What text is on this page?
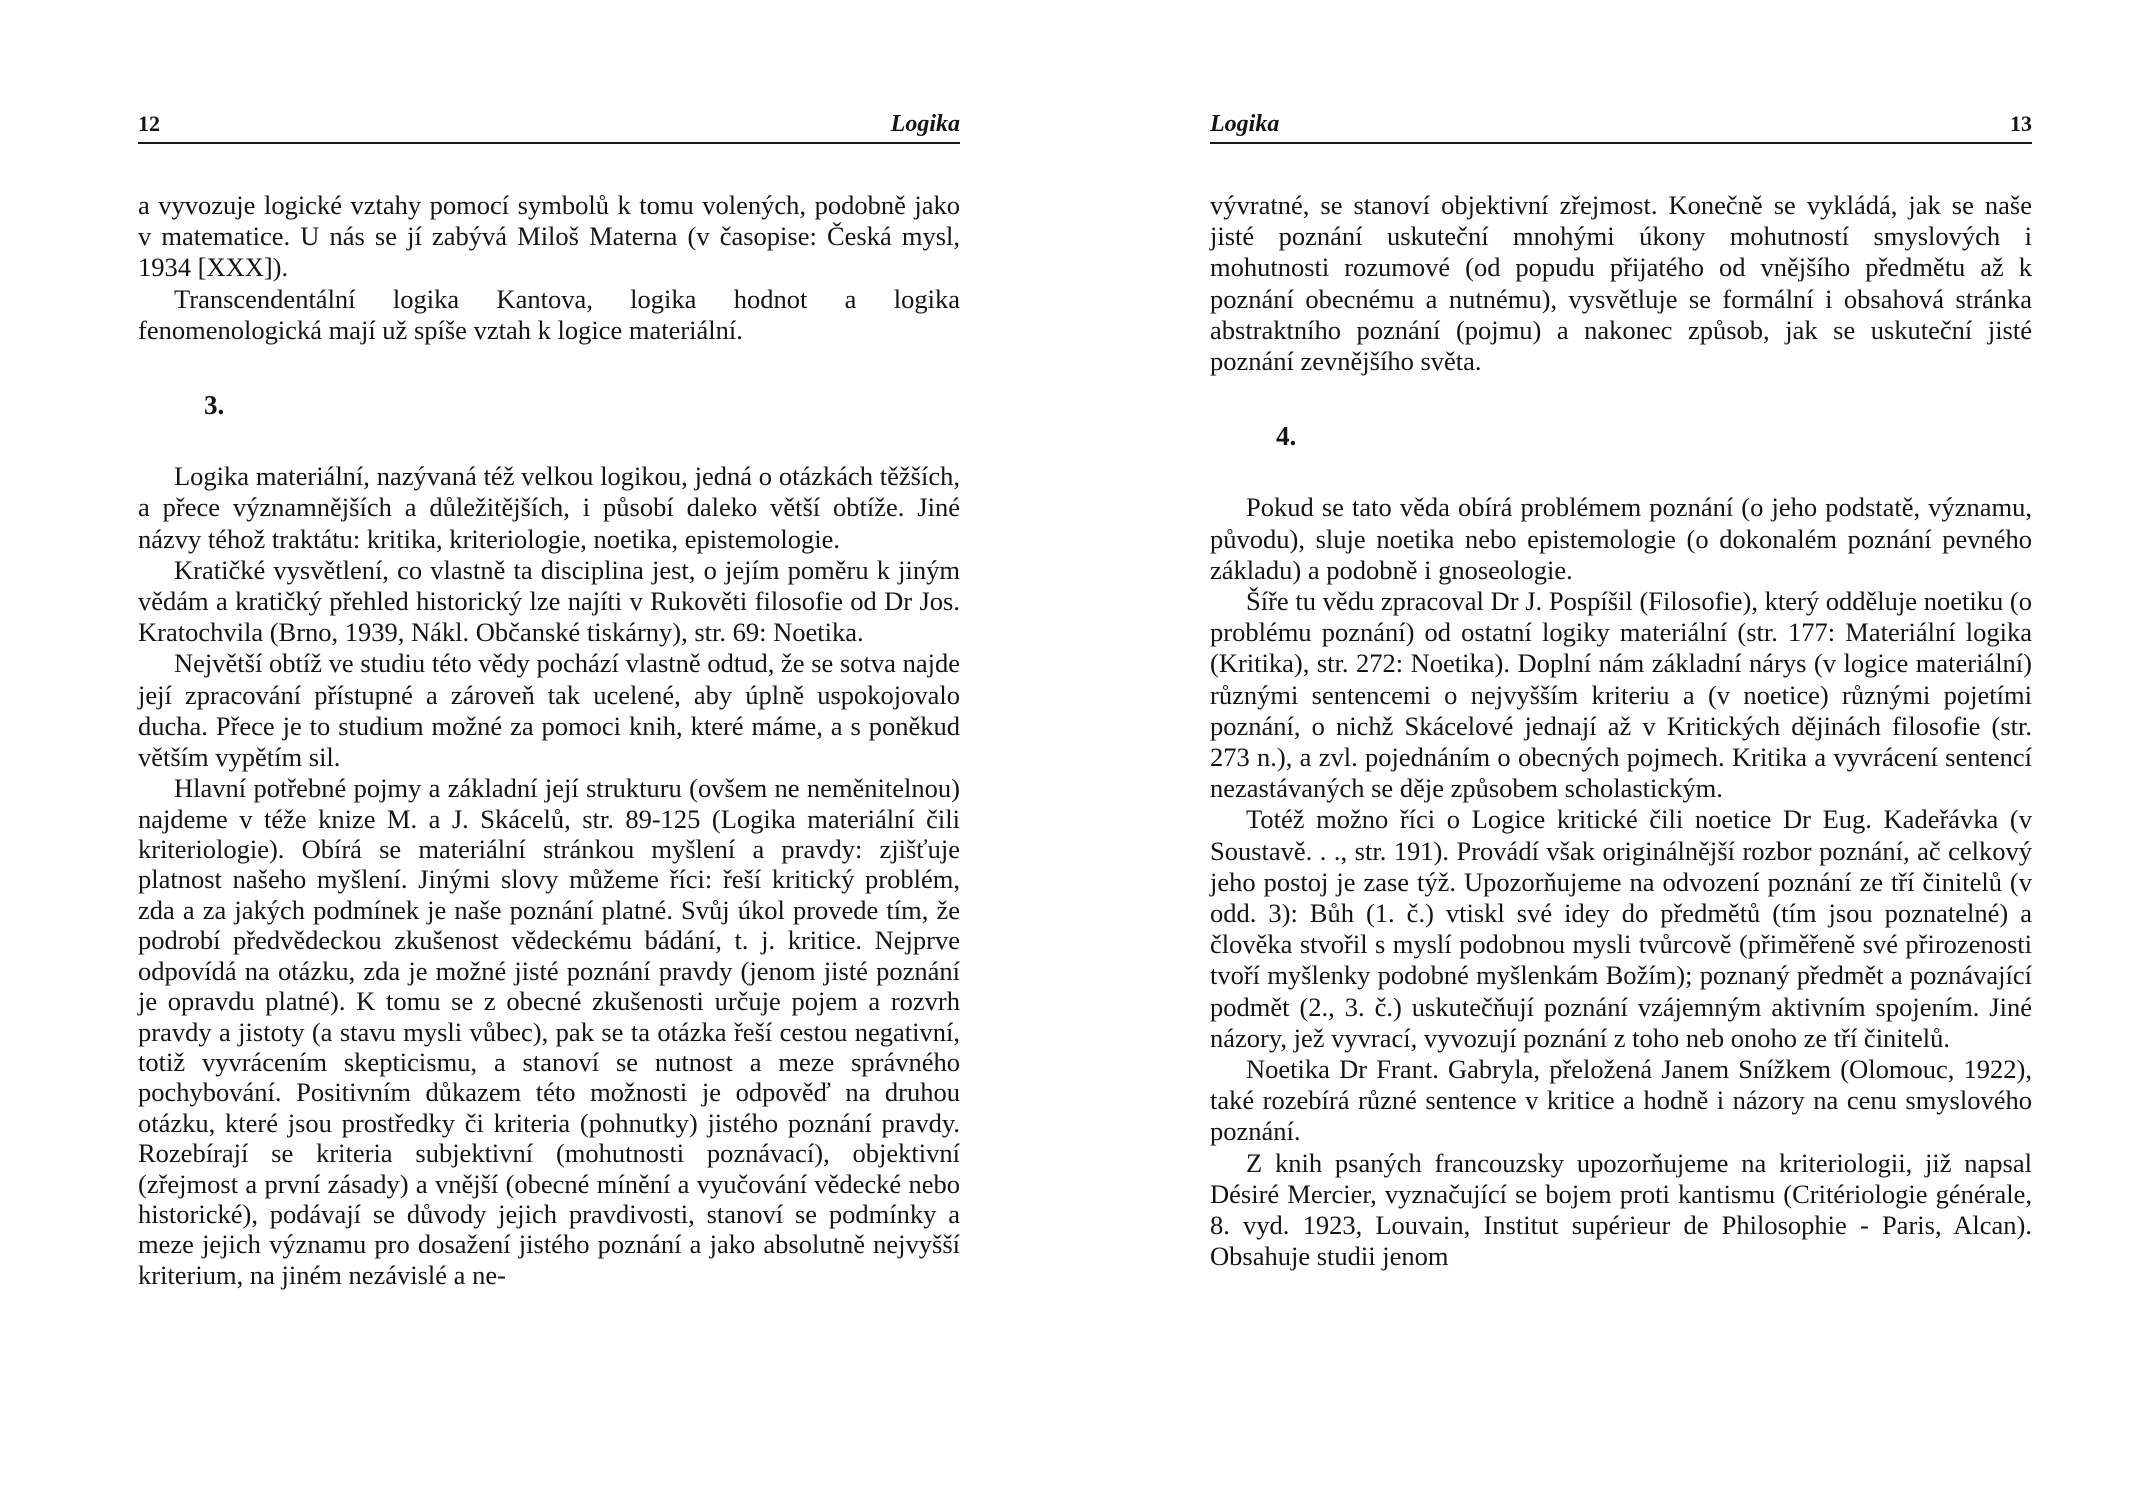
12	Logika

a vyvozuje logické vztahy pomocí symbolů k tomu volených, podobně jako v matematice. U nás se jí zabývá Miloš Materna (v časopise: Česká mysl, 1934 [XXX]).

Transcendentální logika Kantova, logika hodnot a logika fenomenologická mají už spíše vztah k logice materiální.

3.

Logika materiální, nazývaná též velkou logikou, jedná o otázkách těžších, a přece významnějších a důležitějších, i působí daleko větší obtíže. Jiné názvy téhož traktátu: kritika, kriteriologie, noetika, epistemologie.

Kratičké vysvětlení, co vlastně ta disciplina jest, o jejím poměru k jiným vědám a kratičký přehled historický lze najíti v Rukověti filosofie od Dr Jos. Kratochvila (Brno, 1939, Nákl. Občanské tiskárny), str. 69: Noetika.

Největší obtíž ve studiu této vědy pochází vlastně odtud, že se sotva najde její zpracování přístupné a zároveň tak ucelené, aby úplně uspokojovalo ducha. Přece je to studium možné za pomoci knih, které máme, a s poněkud větším vypětím sil.

Hlavní potřebné pojmy a základní její strukturu (ovšem ne neměnitelnou) najdeme v téže knize M. a J. Skácelů, str. 89-125 (Logika materiální čili kriteriologie). Obírá se materiální stránkou myšlení a pravdy: zjišťuje platnost našeho myšlení. Jinými slovy můžeme říci: řeší kritický problém, zda a za jakých podmínek je naše poznání platné. Svůj úkol provede tím, že podrobí předvědeckou zkušenost vědeckému bádání, t. j. kritice. Nejprve odpovídá na otázku, zda je možné jisté poznání pravdy (jenom jisté poznání je opravdu platné). K tomu se z obecné zkušenosti určuje pojem a rozvrh pravdy a jistoty (a stavu mysli vůbec), pak se ta otázka řeší cestou negativní, totiž vyvrácením skepticismu, a stanoví se nutnost a meze správného pochybování. Positivním důkazem této možnosti je odpověď na druhou otázku, které jsou prostředky či kriteria (pohnutky) jistého poznání pravdy. Rozebírají se kriteria subjektivní (mohutnosti poznávací), objektivní (zřejmost a první zásady) a vnější (obecné mínění a vyučování vědecké nebo historické), podávají se důvody jejich pravdivosti, stanoví se podmínky a meze jejich významu pro dosažení jistého poznání a jako absolutně nejvyšší kriterium, na jiném nezávislé a ne-

Logika	13

vývratné, se stanoví objektivní zřejmost. Konečně se vykládá, jak se naše jisté poznání uskuteční mnohými úkony mohutností smyslových i mohutnosti rozumové (od popudu přijatého od vnějšího předmětu až k poznání obecnému a nutnému), vysvětluje se formální i obsahová stránka abstraktního poznání (pojmu) a nakonec způsob, jak se uskuteční jisté poznání zevnějšího světa.

4.

Pokud se tato věda obírá problémem poznání (o jeho podstatě, významu, původu), sluje noetika nebo epistemologie (o dokonalém poznání pevného základu) a podobně i gnoseologie.

Šíře tu vědu zpracoval Dr J. Pospíšil (Filosofie), který odděluje noetiku (o problému poznání) od ostatní logiky materiální (str. 177: Materiální logika (Kritika), str. 272: Noetika). Doplní nám základní nárys (v logice materiální) různými sentencemi o nejvyšším kriteriu a (v noetice) různými pojetími poznání, o nichž Skácelové jednají až v Kritických dějinách filosofie (str. 273 n.), a zvl. pojednáním o obecných pojmech. Kritika a vyvrácení sentencí nezastávaných se děje způsobem scholastickým.

Totéž možno říci o Logice kritické čili noetice Dr Eug. Kadeřávka (v Soustavě. . ., str. 191). Provádí však originálnější rozbor poznání, ač celkový jeho postoj je zase týž. Upozorňujeme na odvození poznání ze tří činitelů (v odd. 3): Bůh (1. č.) vtiskl své idey do předmětů (tím jsou poznatelné) a člověka stvořil s myslí podobnou mysli tvůrcově (přiměřeně své přirozenosti tvoří myšlenky podobné myšlenkám Božím); poznaný předmět a poznávající podmět (2., 3. č.) uskutečňují poznání vzájemným aktivním spojením. Jiné názory, jež vyvrací, vyvozují poznání z toho neb onoho ze tří činitelů.

Noetika Dr Frant. Gabryla, přeložená Janem Snížkem (Olomouc, 1922), také rozebírá různé sentence v kritice a hodně i názory na cenu smyslového poznání.

Z knih psaných francouzsky upozorňujeme na kriteriologii, již napsal Désiré Mercier, vyznačující se bojem proti kantismu (Critériologie générale, 8. vyd. 1923, Louvain, Institut supérieur de Philosophie - Paris, Alcan). Obsahuje studii jenom
